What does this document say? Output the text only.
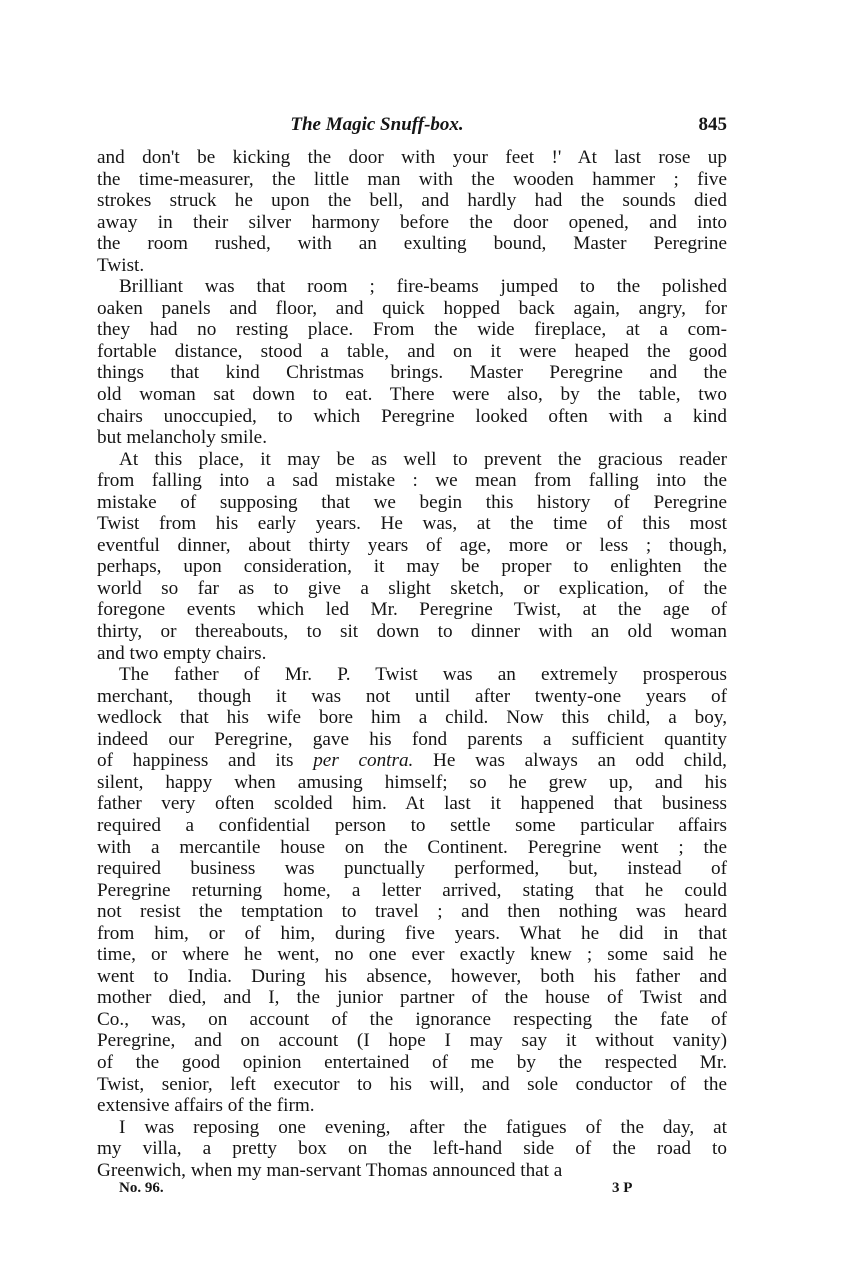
The Magic Snuff-box.	845
and don't be kicking the door with your feet !' At last rose up
the time-measurer, the little man with the wooden hammer ; five
strokes struck he upon the bell, and hardly had the sounds died
away in their silver harmony before the door opened, and into
the room rushed, with an exulting bound, Master Peregrine
Twist.
Brilliant was that room ; fire-beams jumped to the polished
oaken panels and floor, and quick hopped back again, angry, for
they had no resting place. From the wide fireplace, at a com-
fortable distance, stood a table, and on it were heaped the good
things that kind Christmas brings. Master Peregrine and the
old woman sat down to eat. There were also, by the table, two
chairs unoccupied, to which Peregrine looked often with a kind
but melancholy smile.
At this place, it may be as well to prevent the gracious reader
from falling into a sad mistake : we mean from falling into the
mistake of supposing that we begin this history of Peregrine
Twist from his early years. He was, at the time of this most
eventful dinner, about thirty years of age, more or less ; though,
perhaps, upon consideration, it may be proper to enlighten the
world so far as to give a slight sketch, or explication, of the
foregone events which led Mr. Peregrine Twist, at the age of
thirty, or thereabouts, to sit down to dinner with an old woman
and two empty chairs.
The father of Mr. P. Twist was an extremely prosperous
merchant, though it was not until after twenty-one years of
wedlock that his wife bore him a child. Now this child, a boy,
indeed our Peregrine, gave his fond parents a sufficient quantity
of happiness and its per contra. He was always an odd child,
silent, happy when amusing himself; so he grew up, and his
father very often scolded him. At last it happened that business
required a confidential person to settle some particular affairs
with a mercantile house on the Continent. Peregrine went ; the
required business was punctually performed, but, instead of
Peregrine returning home, a letter arrived, stating that he could
not resist the temptation to travel ; and then nothing was heard
from him, or of him, during five years. What he did in that
time, or where he went, no one ever exactly knew ; some said he
went to India. During his absence, however, both his father and
mother died, and I, the junior partner of the house of Twist and
Co., was, on account of the ignorance respecting the fate of
Peregrine, and on account (I hope I may say it without vanity)
of the good opinion entertained of me by the respected Mr.
Twist, senior, left executor to his will, and sole conductor of the
extensive affairs of the firm.
I was reposing one evening, after the fatigues of the day, at
my villa, a pretty box on the left-hand side of the road to
Greenwich, when my man-servant Thomas announced that a
No. 96.	3 P
